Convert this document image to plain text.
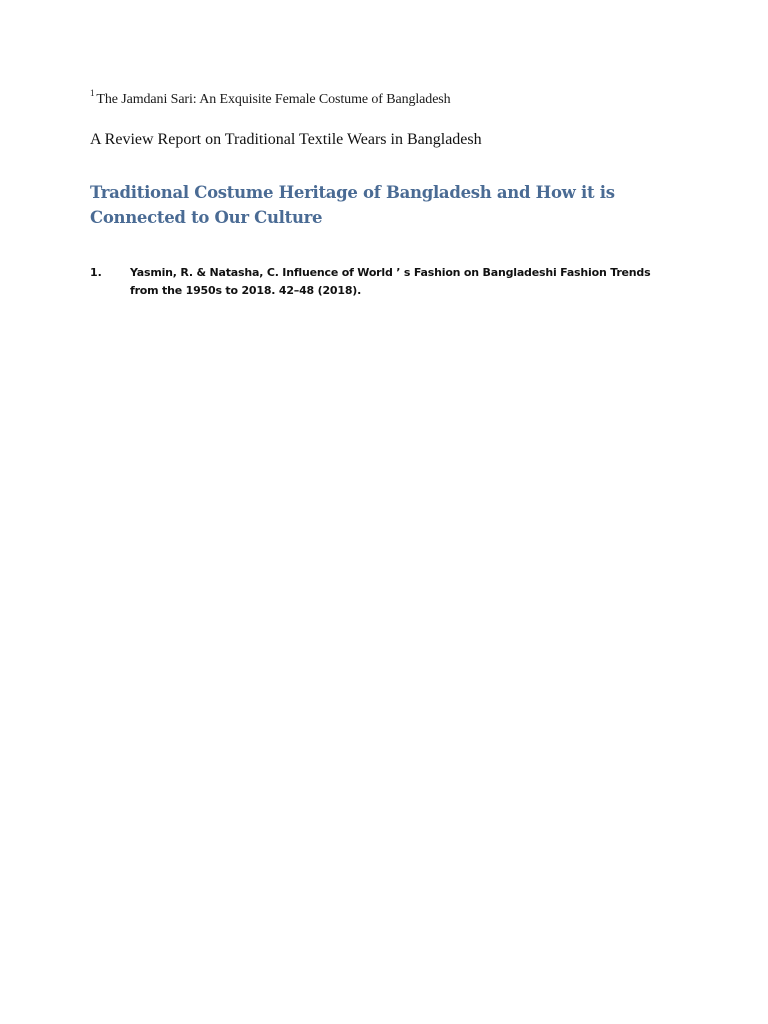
$^1$ The Jamdani Sari: An Exquisite Female Costume of Bangladesh
A Review Report on Traditional Textile Wears in Bangladesh
Traditional Costume Heritage of Bangladesh and How it is Connected to Our Culture
1.	Yasmin, R. & Natasha, C. Influence of World ’ s Fashion on Bangladeshi Fashion Trends from the 1950s to 2018. 42–48 (2018).
